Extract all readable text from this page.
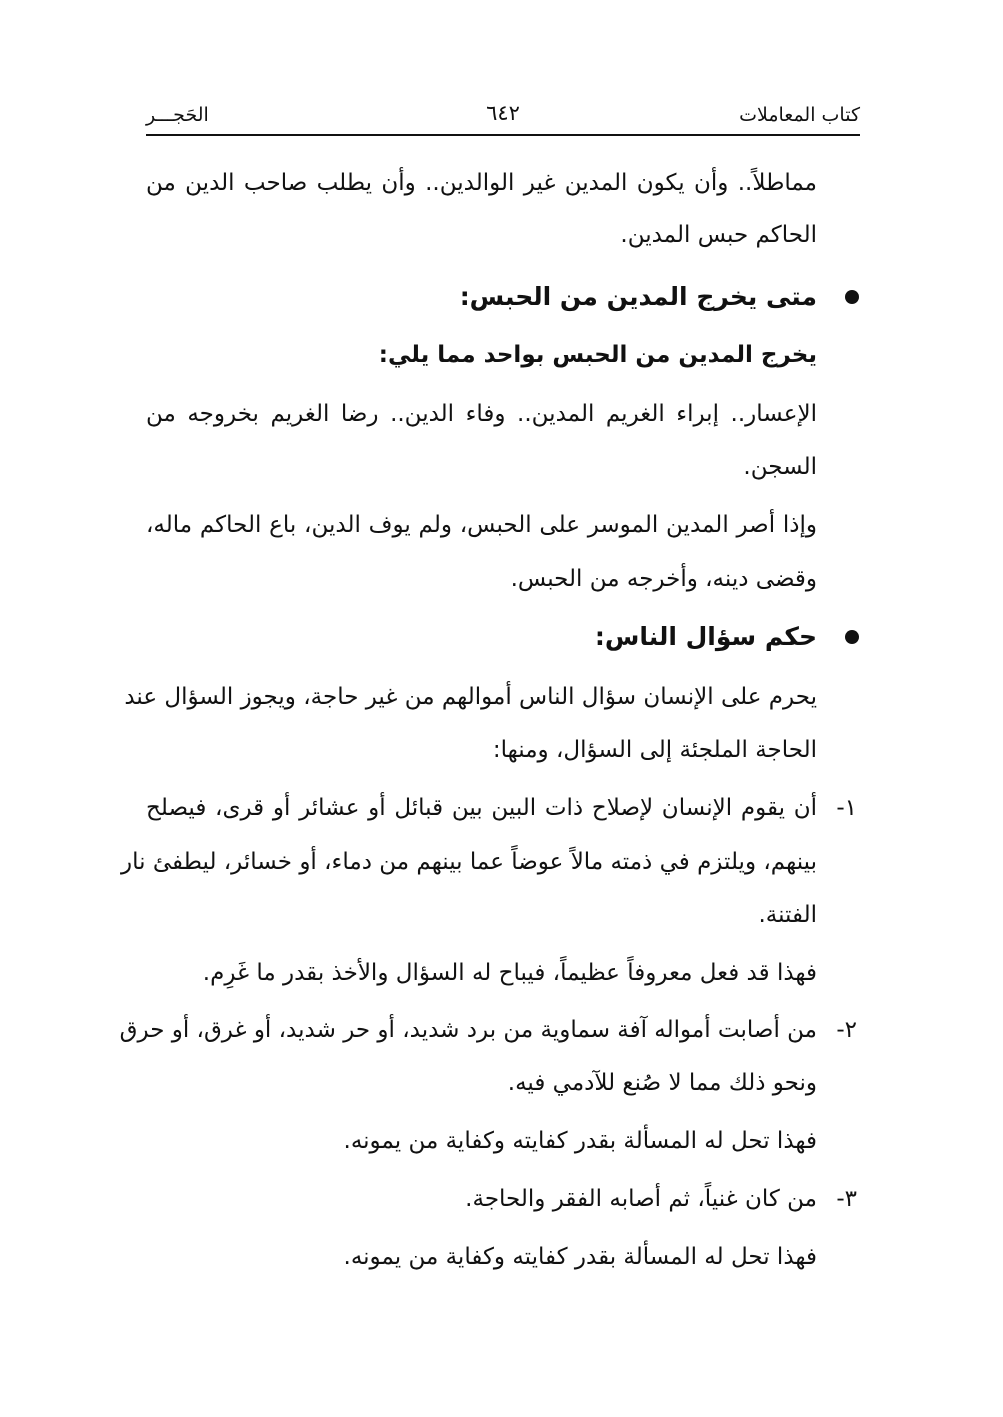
كتاب المعاملات
٦٤٢
الحَجـــر
مماطلاً.. وأن يكون المدين غير الوالدين.. وأن يطلب صاحب الدين من
الحاكم حبس المدين.
متى يخرج المدين من الحبس:
يخرج المدين من الحبس بواحد مما يلي:
الإعسار.. إبراء الغريم المدين.. وفاء الدين.. رضا الغريم بخروجه من
السجن.
وإذا أصر المدين الموسر على الحبس، ولم يوف الدين، باع الحاكم ماله،
وقضى دينه، وأخرجه من الحبس.
حكم سؤال الناس:
يحرم على الإنسان سؤال الناس أموالهم من غير حاجة، ويجوز السؤال عند
الحاجة الملجئة إلى السؤال، ومنها:
١-
أن يقوم الإنسان لإصلاح ذات البين بين قبائل أو عشائر أو قرى، فيصلح
بينهم، ويلتزم في ذمته مالاً عوضاً عما بينهم من دماء، أو خسائر، ليطفئ نار
الفتنة.
فهذا قد فعل معروفاً عظيماً، فيباح له السؤال والأخذ بقدر ما غَرِم.
٢-
من أصابت أمواله آفة سماوية من برد شديد، أو حر شديد، أو غرق، أو حرق
ونحو ذلك مما لا صُنع للآدمي فيه.
فهذا تحل له المسألة بقدر كفايته وكفاية من يمونه.
٣-
من كان غنياً، ثم أصابه الفقر والحاجة.
فهذا تحل له المسألة بقدر كفايته وكفاية من يمونه.
